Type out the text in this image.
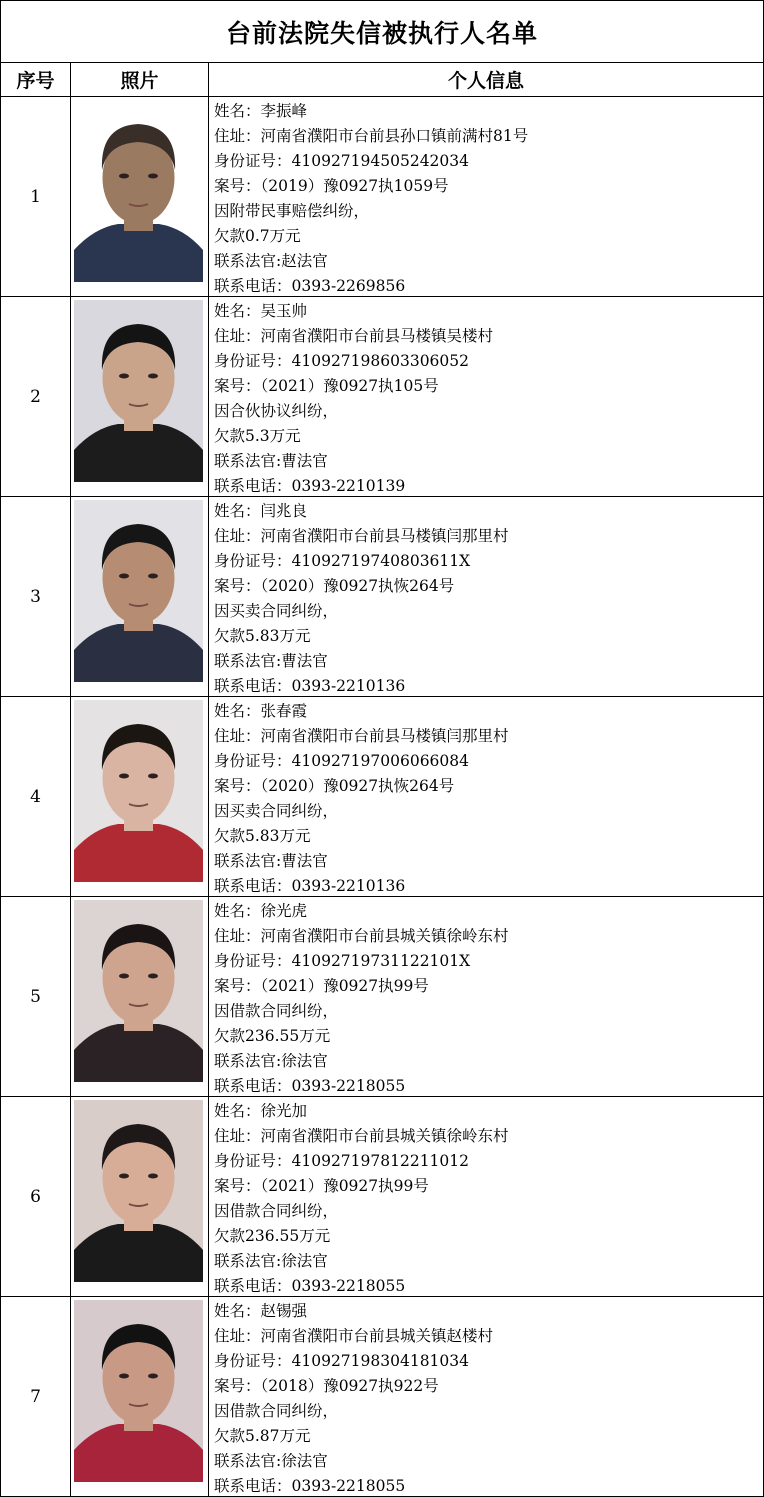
台前法院失信被执行人名单
序号	照片	个人信息
1
姓名：李振峰
住址：河南省濮阳市台前县孙口镇前满村81号
身份证号：410927194505242034
案号：（2019）豫0927执1059号
因附带民事赔偿纠纷，
欠款0.7万元
联系法官:赵法官
联系电话：0393-2269856
2
姓名：吴玉帅
住址：河南省濮阳市台前县马楼镇吴楼村
身份证号：410927198603306052
案号：（2021）豫0927执105号
因合伙协议纠纷，
欠款5.3万元
联系法官:曹法官
联系电话：0393-2210139
3
姓名：闫兆良
住址：河南省濮阳市台前县马楼镇闫那里村
身份证号：41092719740803611X
案号：（2020）豫0927执恢264号
因买卖合同纠纷，
欠款5.83万元
联系法官:曹法官
联系电话：0393-2210136
4
姓名：张春霞
住址：河南省濮阳市台前县马楼镇闫那里村
身份证号：410927197006066084
案号：（2020）豫0927执恢264号
因买卖合同纠纷，
欠款5.83万元
联系法官:曹法官
联系电话：0393-2210136
5
姓名：徐光虎
住址：河南省濮阳市台前县城关镇徐岭东村
身份证号：41092719731122101X
案号：（2021）豫0927执99号
因借款合同纠纷，
欠款236.55万元
联系法官:徐法官
联系电话：0393-2218055
6
姓名：徐光加
住址：河南省濮阳市台前县城关镇徐岭东村
身份证号：410927197812211012
案号：（2021）豫0927执99号
因借款合同纠纷，
欠款236.55万元
联系法官:徐法官
联系电话：0393-2218055
7
姓名：赵锡强
住址：河南省濮阳市台前县城关镇赵楼村
身份证号：410927198304181034
案号：（2018）豫0927执922号
因借款合同纠纷，
欠款5.87万元
联系法官:徐法官
联系电话：0393-2218055
